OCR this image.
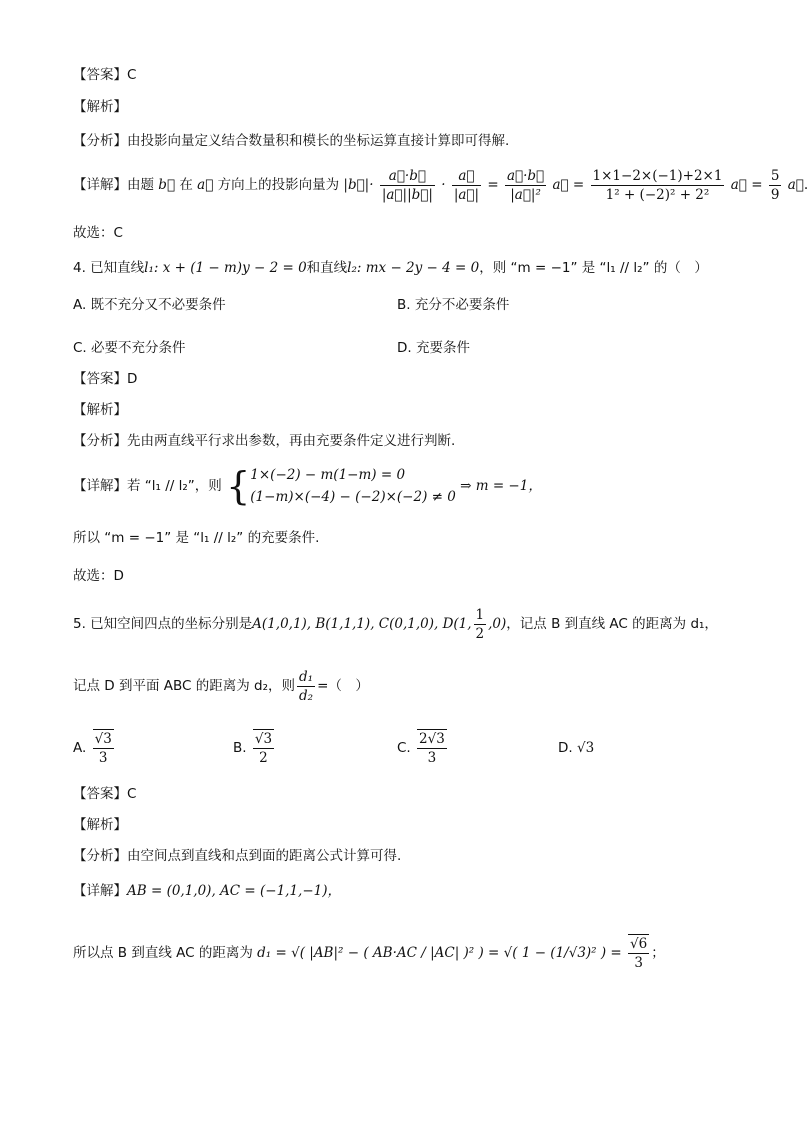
【答案】C
【解析】
【分析】由投影向量定义结合数量积和模长的坐标运算直接计算即可得解.
【详解】由题 b⃗ 在 a⃗ 方向上的投影向量为 |b⃗|· $\frac{a⃗\cdot b⃗}{|a⃗||b⃗|} \cdot \frac{a⃗}{|a⃗|} = \frac{a⃗\cdot b⃗}{\text{|a⃗|²}}$ a⃗ = $\frac{1\times 1-2\times(-1)+2\times 1}{\text{1² + (−2)² + 2²}}$ a⃗ = $\frac{5}{9}$ a⃗.
故选：C
4. 已知直线l₁: x + (1 − m)y − 2 = 0和直线l₂: mx − 2y − 4 = 0，则 “m = −1” 是 “l₁ // l₂” 的（　）
A. 既不充分又不必要条件	B. 充分不必要条件
C. 必要不充分条件	D. 充要条件
【答案】D
【解析】
【分析】先由两直线平行求出参数，再由充要条件定义进行判断.
【详解】若 “l₁ // l₂”，则 { 1×(−2) − m(1−m) = 0
(1−m)×(−4) − (−2)×(−2) ≠ 0
⇒ m = −1，
所以 “m = −1” 是 “l₁ // l₂” 的充要条件.
故选：D
5. 已知空间四点的坐标分别是A(1,0,1), B(1,1,1), C(0,1,0), D(1, $\frac{1}{2} ,0$)，记点 B 到直线 AC 的距离为 d₁，
记点 D 到平面 ABC 的距离为 d₂，则 $\frac{\text{d₁}}{\text{d₂}}$ =（　）
A. $\frac{√3}{3}$	B. $\frac{√3}{2}$	C. $\frac{2√3}{3}$	D. √3
【答案】C
【解析】
【分析】由空间点到直线和点到面的距离公式计算可得.
【详解】AB = (0,1,0), AC = (−1,1,−1)，
所以点 B 到直线 AC 的距离为 d₁ = √( |AB|² − ( AB·AC / |AC| )² ) = √( 1 − (1/√3)² ) = $\frac{√6}{3}$ ；
